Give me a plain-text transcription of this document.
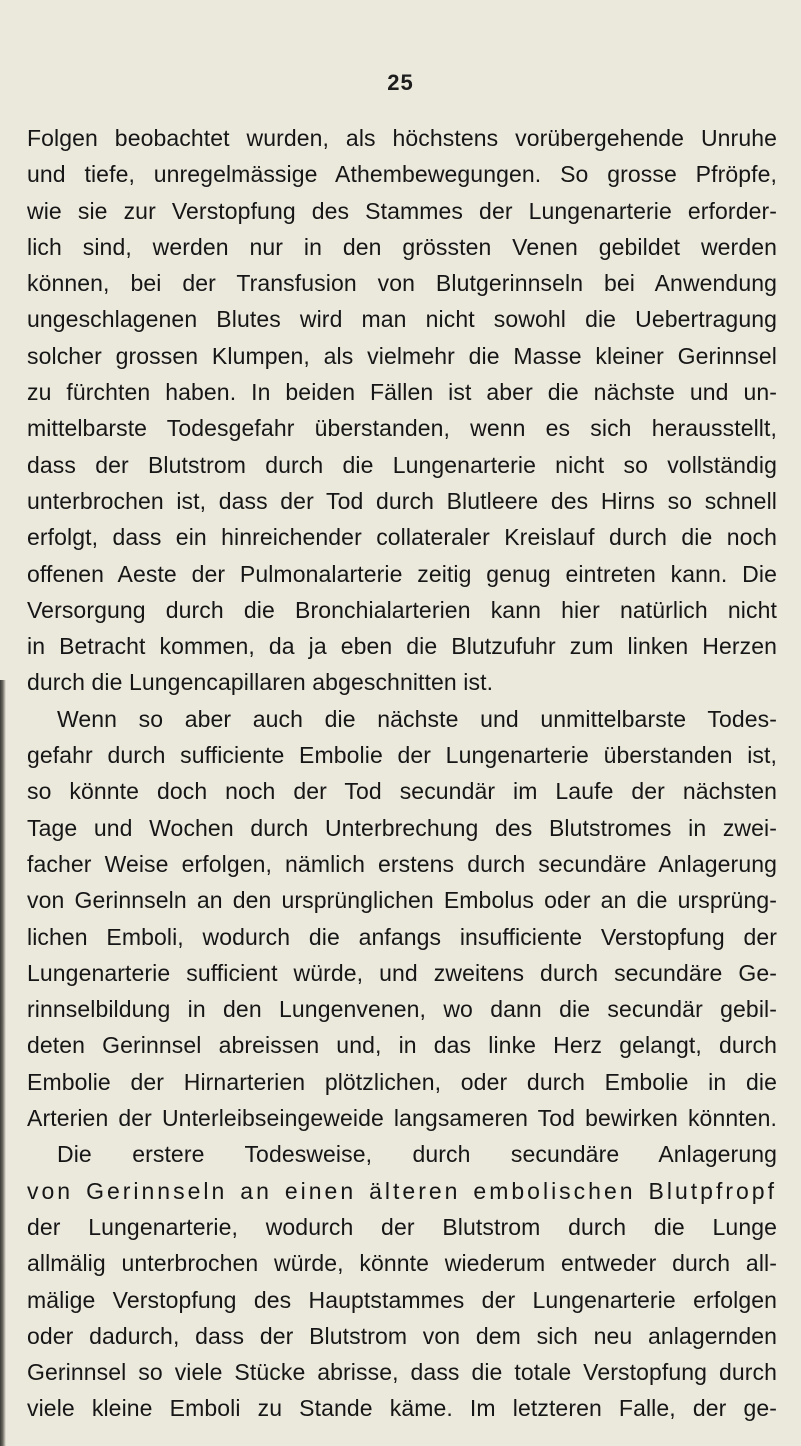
25
Folgen beobachtet wurden, als höchstens vorübergehende Unruhe
und tiefe, unregelmässige Athembewegungen. So grosse Pfröpfe,
wie sie zur Verstopfung des Stammes der Lungenarterie erforder-
lich sind, werden nur in den grössten Venen gebildet werden
können, bei der Transfusion von Blutgerinnseln bei Anwendung
ungeschlagenen Blutes wird man nicht sowohl die Uebertragung
solcher grossen Klumpen, als vielmehr die Masse kleiner Gerinnsel
zu fürchten haben. In beiden Fällen ist aber die nächste und un-
mittelbarste Todesgefahr überstanden, wenn es sich herausstellt,
dass der Blutstrom durch die Lungenarterie nicht so vollständig
unterbrochen ist, dass der Tod durch Blutleere des Hirns so schnell
erfolgt, dass ein hinreichender collateraler Kreislauf durch die noch
offenen Aeste der Pulmonalarterie zeitig genug eintreten kann. Die
Versorgung durch die Bronchialarterien kann hier natürlich nicht
in Betracht kommen, da ja eben die Blutzufuhr zum linken Herzen
durch die Lungencapillaren abgeschnitten ist.
Wenn so aber auch die nächste und unmittelbarste Todes-
gefahr durch sufficiente Embolie der Lungenarterie überstanden ist,
so könnte doch noch der Tod secundär im Laufe der nächsten
Tage und Wochen durch Unterbrechung des Blutstromes in zwei-
facher Weise erfolgen, nämlich erstens durch secundäre Anlagerung
von Gerinnseln an den ursprünglichen Embolus oder an die ursprüng-
lichen Emboli, wodurch die anfangs insufficiente Verstopfung der
Lungenarterie sufficient würde, und zweitens durch secundäre Ge-
rinnselbildung in den Lungenvenen, wo dann die secundär gebil-
deten Gerinnsel abreissen und, in das linke Herz gelangt, durch
Embolie der Hirnarterien plötzlichen, oder durch Embolie in die
Arterien der Unterleibseingeweide langsameren Tod bewirken könnten.
Die erstere Todesweise, durch secundäre Anlagerung
von Gerinnseln an einen älteren embolischen Blutpfropf
der Lungenarterie, wodurch der Blutstrom durch die Lunge
allmälig unterbrochen würde, könnte wiederum entweder durch all-
mälige Verstopfung des Hauptstammes der Lungenarterie erfolgen
oder dadurch, dass der Blutstrom von dem sich neu anlagernden
Gerinnsel so viele Stücke abrisse, dass die totale Verstopfung durch
viele kleine Emboli zu Stande käme. Im letzteren Falle, der ge-
